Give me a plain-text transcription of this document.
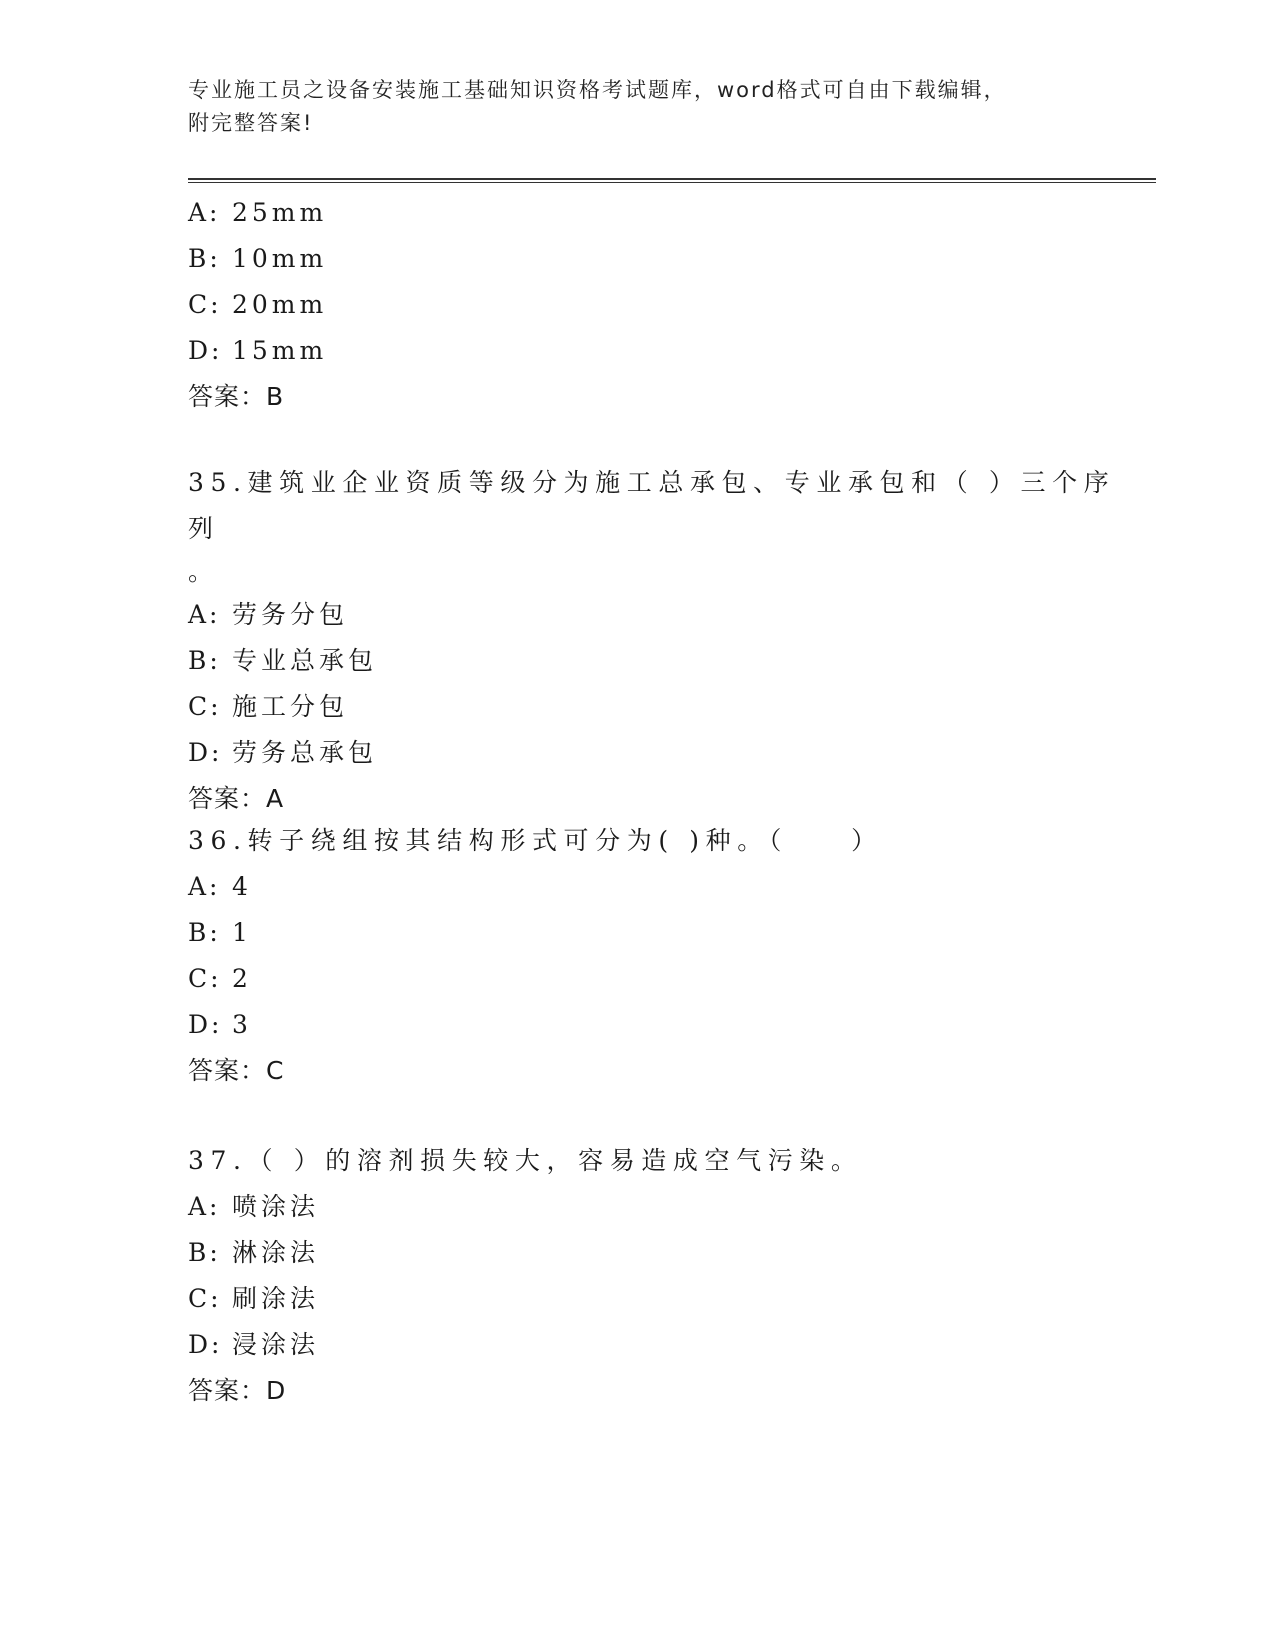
专业施工员之设备安装施工基础知识资格考试题库，word格式可自由下载编辑，
附完整答案!
A: 25mm
B: 10mm
C: 20mm
D: 15mm
答案：B
35.建筑业企业资质等级分为施工总承包、专业承包和（ ）三个序列
。
A: 劳务分包
B: 专业总承包
C: 施工分包
D: 劳务总承包
答案：A
36.转子绕组按其结构形式可分为( )种。（　　）
A: 4
B: 1
C: 2
D: 3
答案：C
37.（ ）的溶剂损失较大，容易造成空气污染。
A: 喷涂法
B: 淋涂法
C: 刷涂法
D: 浸涂法
答案：D
